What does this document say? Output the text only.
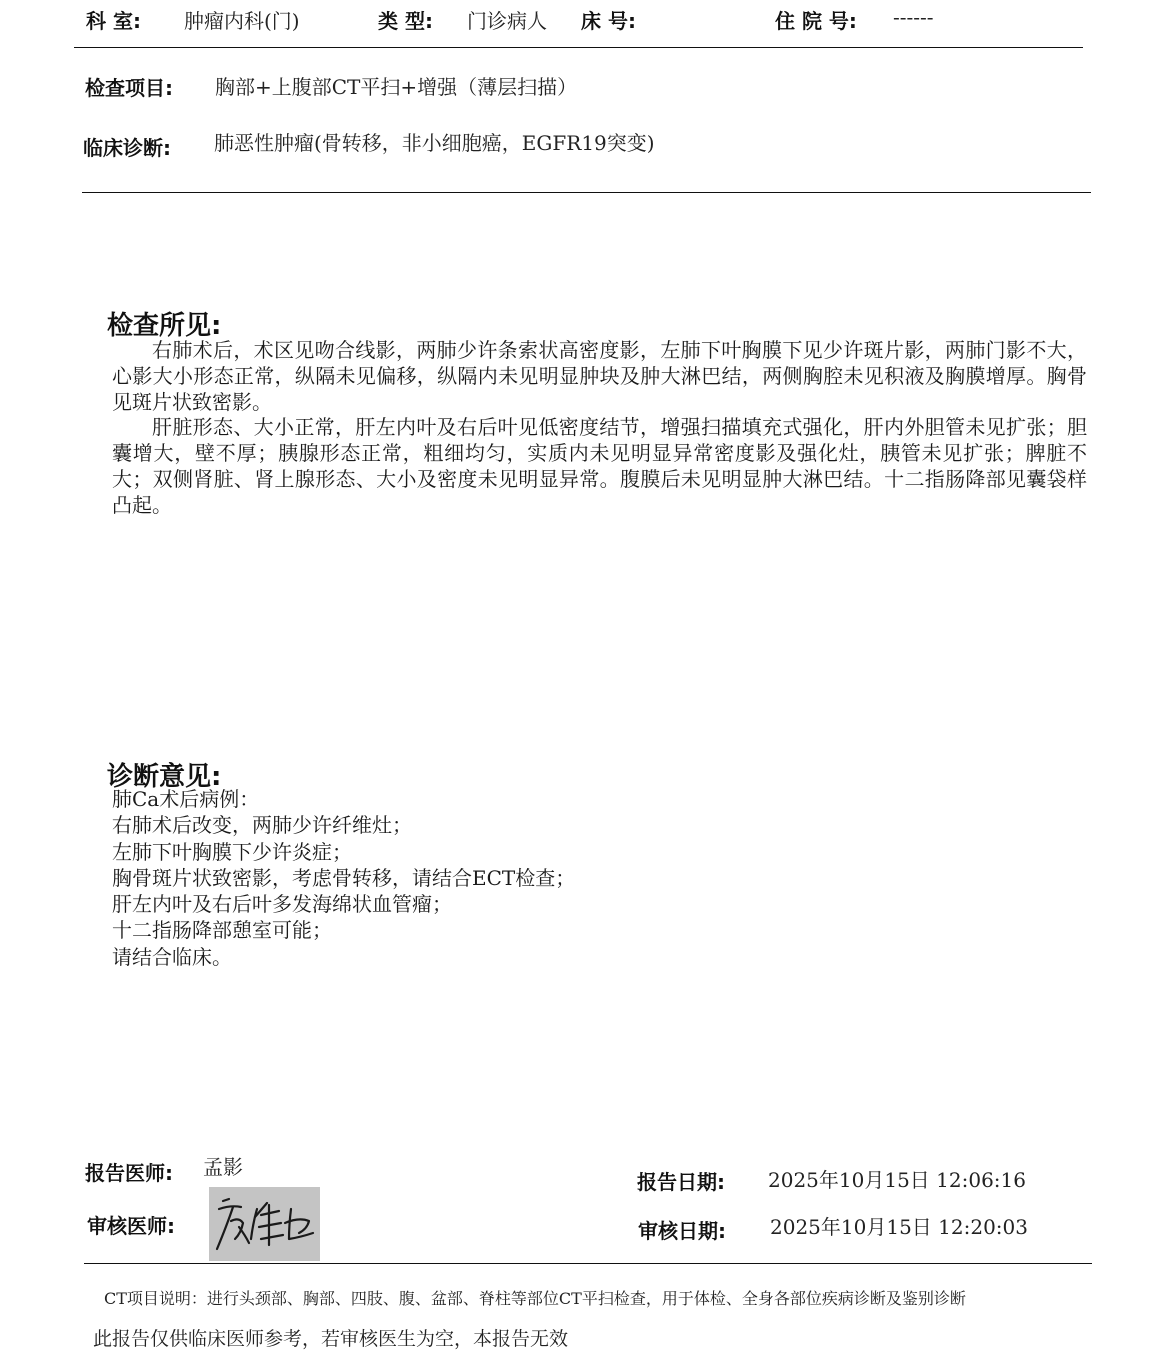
科 室: 肿瘤内科(门)	类 型: 门诊病人 床 号:	住 院 号: ------
检查项目: 胸部+上腹部CT平扫+增强（薄层扫描）
临床诊断: 肺恶性肿瘤(骨转移，非小细胞癌，EGFR19突变)
检查所见:

右肺术后，术区见吻合线影，两肺少许条索状高密度影，左肺下叶胸膜下见少许斑片影，两肺门影不大，心影大小形态正常，纵隔未见偏移，纵隔内未见明显肿块及肿大淋巴结，两侧胸腔未见积液及胸膜增厚。胸骨见斑片状致密影。

肝脏形态、大小正常，肝左内叶及右后叶见低密度结节，增强扫描填充式强化，肝内外胆管未见扩张；胆囊增大，壁不厚；胰腺形态正常，粗细均匀，实质内未见明显异常密度影及强化灶，胰管未见扩张；脾脏不大；双侧肾脏、肾上腺形态、大小及密度未见明显异常。腹膜后未见明显肿大淋巴结。十二指肠降部见囊袋样凸起。

诊断意见:
肺Ca术后病例：
右肺术后改变，两肺少许纤维灶；
左肺下叶胸膜下少许炎症；
胸骨斑片状致密影，考虑骨转移，请结合ECT检查；
肝左内叶及右后叶多发海绵状血管瘤；
十二指肠降部憩室可能；
请结合临床。
报告医师: 孟影
审核医师:
报告日期: 2025年10月15日 12:06:16
审核日期: 2025年10月15日 12:20:03
CT项目说明：进行头颈部、胸部、四肢、腹、盆部、脊柱等部位CT平扫检查，用于体检、全身各部位疾病诊断及鉴别诊断
此报告仅供临床医师参考，若审核医生为空，本报告无效
